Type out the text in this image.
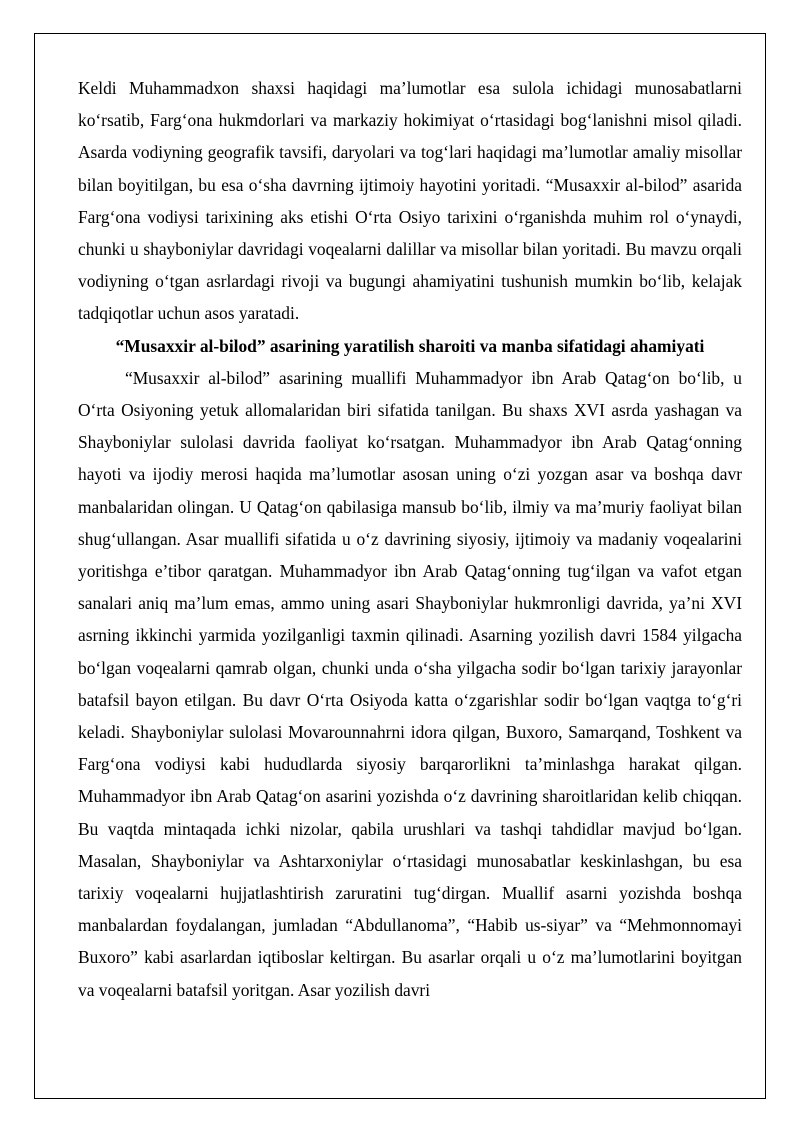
Keldi Muhammadxon shaxsi haqidagi ma’lumotlar esa sulola ichidagi munosabatlarni ko‘rsatib, Farg‘ona hukmdorlari va markaziy hokimiyat o‘rtasidagi bog‘lanishni misol qiladi. Asarda vodiyning geografik tavsifi, daryolari va tog‘lari haqidagi ma’lumotlar amaliy misollar bilan boyitilgan, bu esa o‘sha davrning ijtimoiy hayotini yoritadi. “Musaxxir al-bilod” asarida Farg‘ona vodiysi tarixining aks etishi O‘rta Osiyo tarixini o‘rganishda muhim rol o‘ynaydi, chunki u shayboniylar davridagi voqealarni dalillar va misollar bilan yoritadi. Bu mavzu orqali vodiyning o‘tgan asrlardagi rivoji va bugungi ahamiyatini tushunish mumkin bo‘lib, kelajak tadqiqotlar uchun asos yaratadi.

“Musaxxir al-bilod” asarining yaratilish sharoiti va manba sifatidagi ahamiyati

“Musaxxir al-bilod” asarining muallifi Muhammadyor ibn Arab Qatag‘on bo‘lib, u O‘rta Osiyoning yetuk allomalaridan biri sifatida tanilgan. Bu shaxs XVI asrda yashagan va Shayboniylar sulolasi davrida faoliyat ko‘rsatgan. Muhammadyor ibn Arab Qatag‘onning hayoti va ijodiy merosi haqida ma’lumotlar asosan uning o‘zi yozgan asar va boshqa davr manbalaridan olingan. U Qatag‘on qabilasiga mansub bo‘lib, ilmiy va ma’muriy faoliyat bilan shug‘ullangan. Asar muallifi sifatida u o‘z davrining siyosiy, ijtimoiy va madaniy voqealarini yoritishga e’tibor qaratgan. Muhammadyor ibn Arab Qatag‘onning tug‘ilgan va vafot etgan sanalari aniq ma’lum emas, ammo uning asari Shayboniylar hukmronligi davrida, ya’ni XVI asrning ikkinchi yarmida yozilganligi taxmin qilinadi. Asarning yozilish davri 1584 yilgacha bo‘lgan voqealarni qamrab olgan, chunki unda o‘sha yilgacha sodir bo‘lgan tarixiy jarayonlar batafsil bayon etilgan. Bu davr O‘rta Osiyoda katta o‘zgarishlar sodir bo‘lgan vaqtga to‘g‘ri keladi. Shayboniylar sulolasi Movarounnahrni idora qilgan, Buxoro, Samarqand, Toshkent va Farg‘ona vodiysi kabi hududlarda siyosiy barqarorlikni ta’minlashga harakat qilgan. Muhammadyor ibn Arab Qatag‘on asarini yozishda o‘z davrining sharoitlaridan kelib chiqqan. Bu vaqtda mintaqada ichki nizolar, qabila urushlari va tashqi tahdidlar mavjud bo‘lgan. Masalan, Shayboniylar va Ashtarxoniylar o‘rtasidagi munosabatlar keskinlashgan, bu esa tarixiy voqealarni hujjatlashtirish zaruratini tug‘dirgan. Muallif asarni yozishda boshqa manbalardan foydalangan, jumladan “Abdullanoma”, “Habib us-siyar” va “Mehmonnomayi Buxoro” kabi asarlardan iqtiboslar keltirgan. Bu asarlar orqali u o‘z ma’lumotlarini boyitgan va voqealarni batafsil yoritgan. Asar yozilish davri
